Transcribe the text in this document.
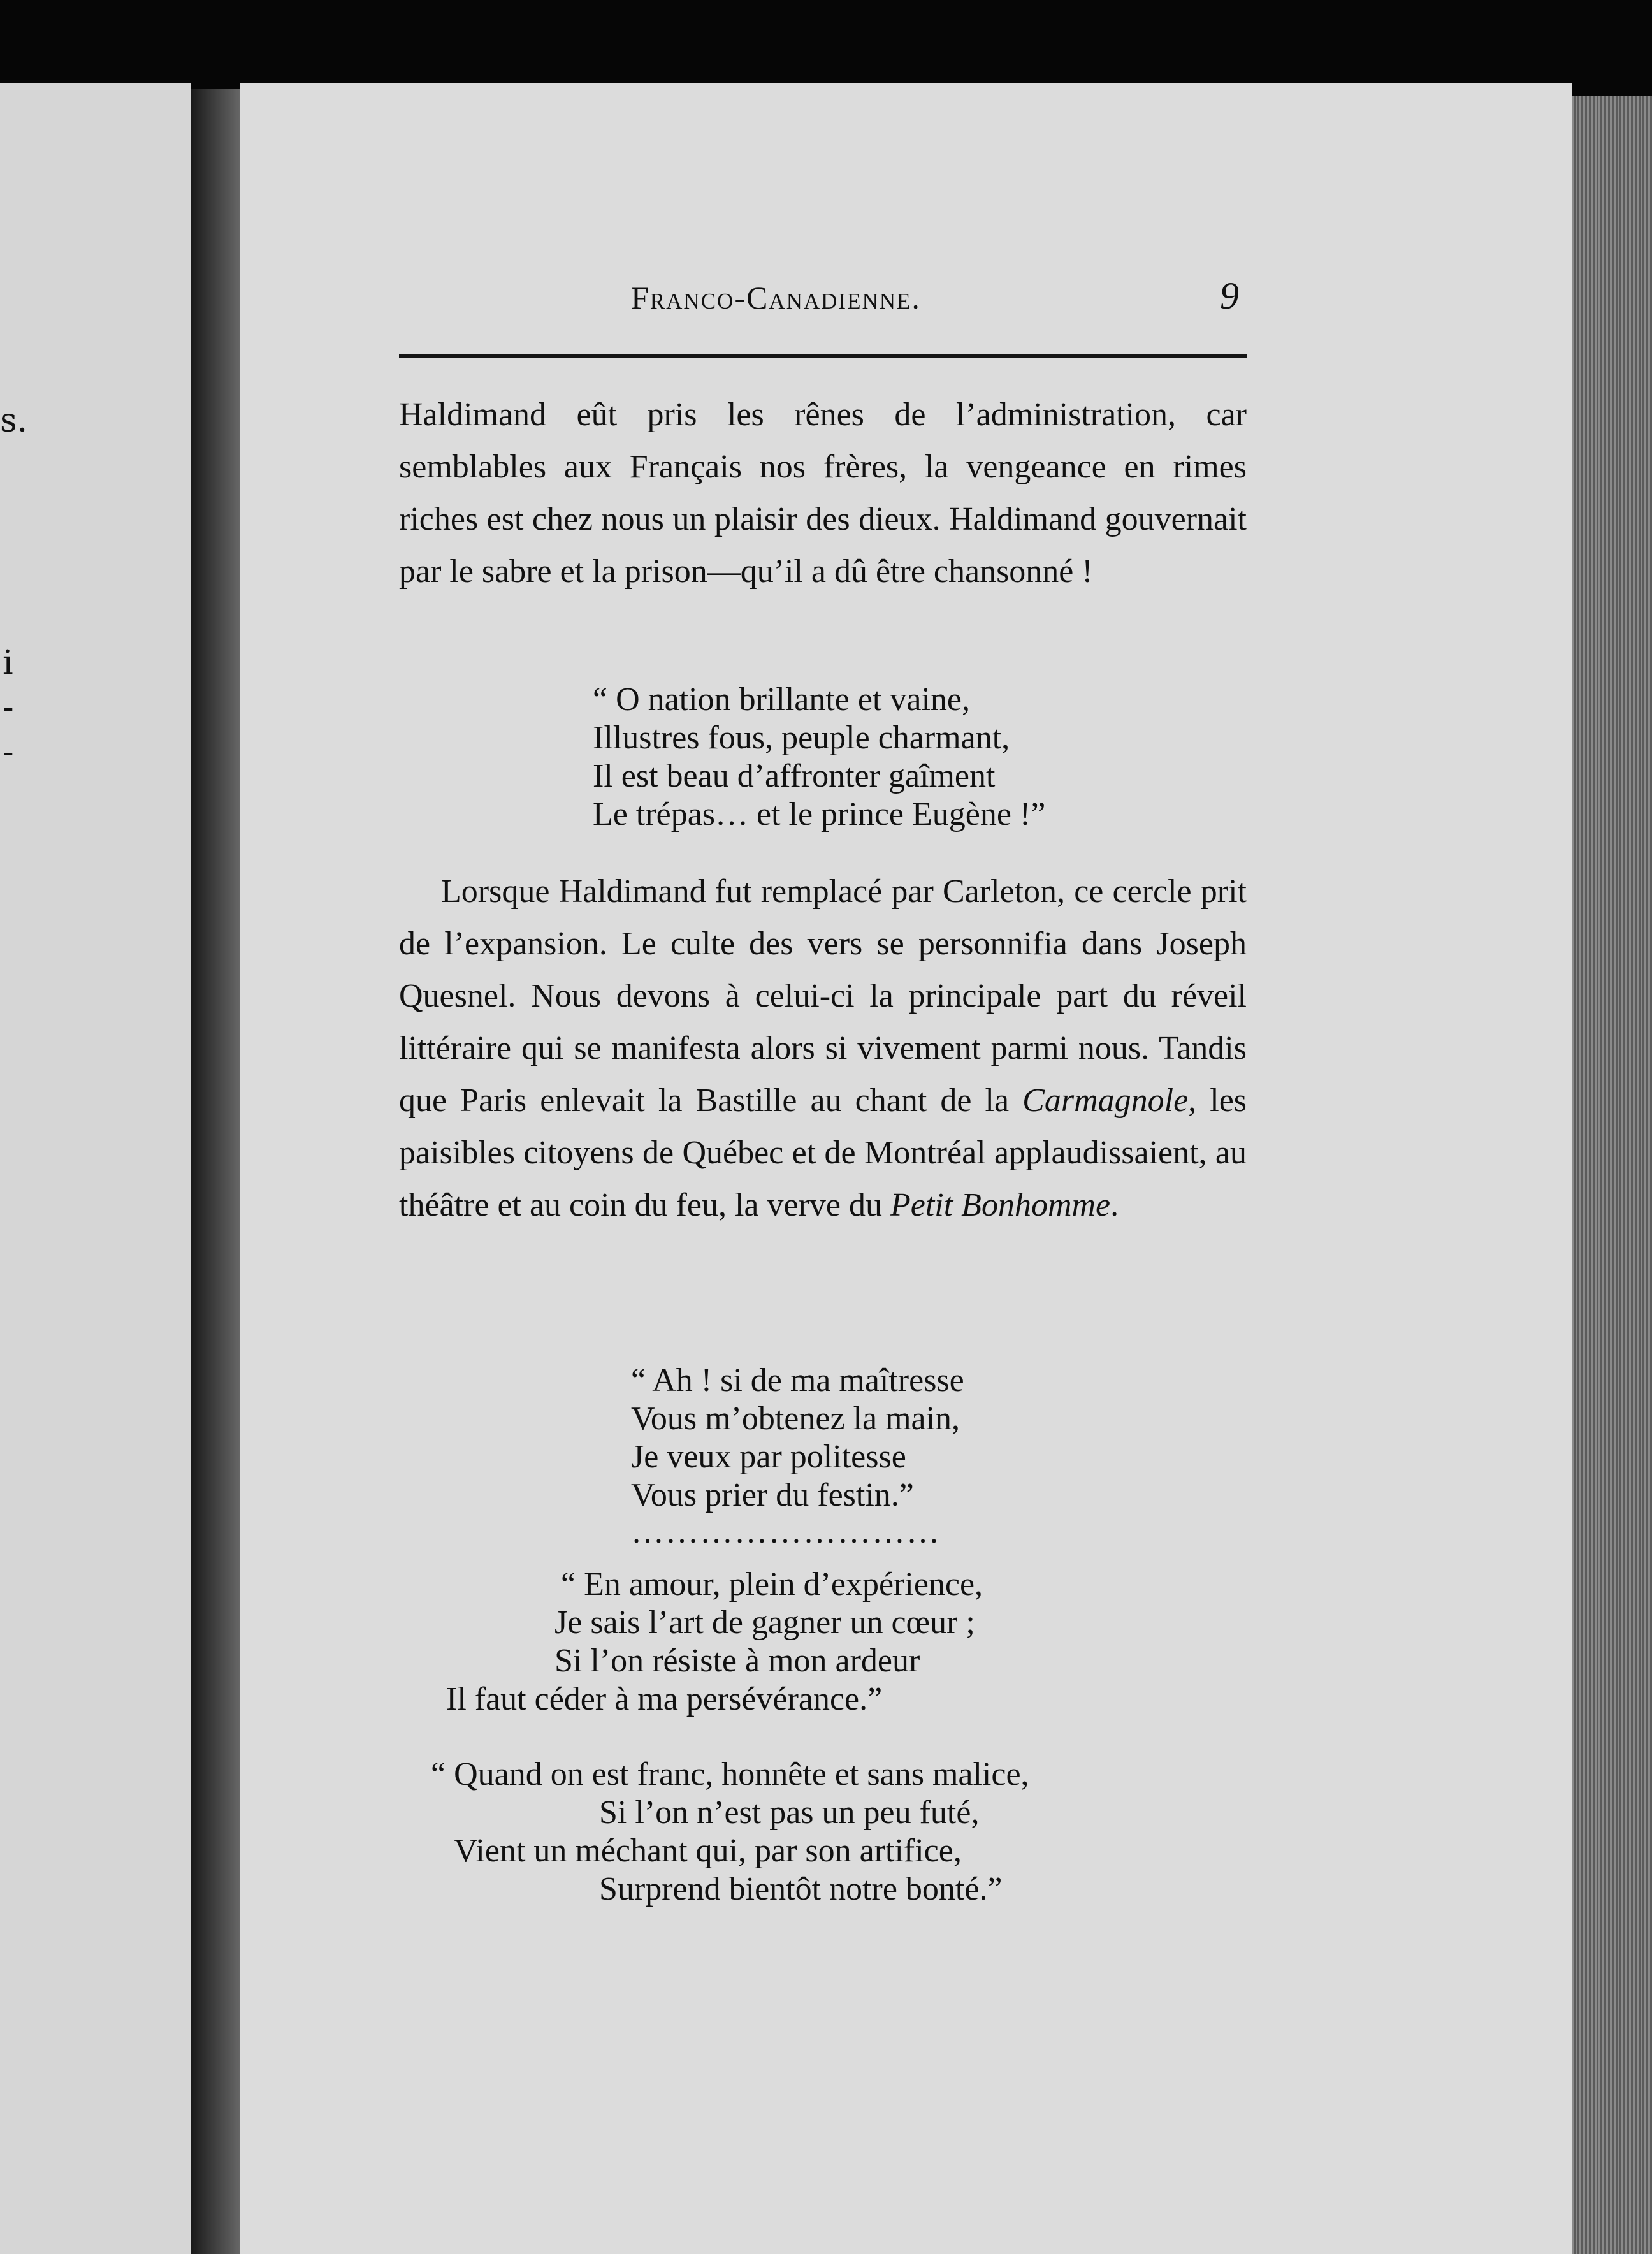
s.
i
-
-
Franco-Canadienne.	9
Haldimand eût pris les rênes de l’administration, car semblables aux Français nos frères, la vengeance en rimes riches est chez nous un plaisir des dieux. Haldimand gouvernait par le sabre et la prison—qu’il a dû être chansonné !
“ O nation brillante et vaine,
Illustres fous, peuple charmant,
Il est beau d’affronter gaîment
Le trépas… et le prince Eugène !”
Lorsque Haldimand fut remplacé par Carleton, ce cercle prit de l’expansion. Le culte des vers se personnifia dans Joseph Quesnel. Nous devons à celui-ci la principale part du réveil littéraire qui se manifesta alors si vivement parmi nous. Tandis que Paris enlevait la Bastille au chant de la Carmagnole, les paisibles citoyens de Québec et de Montréal applaudissaient, au théâtre et au coin du feu, la verve du Petit Bonhomme.
“ Ah ! si de ma maîtresse
Vous m’obtenez la main,
Je veux par politesse
Vous prier du festin.”
………………………
“ En amour, plein d’expérience,
Je sais l’art de gagner un cœur ;
Si l’on résiste à mon ardeur
Il faut céder à ma persévérance.”
“ Quand on est franc, honnête et sans malice,
Si l’on n’est pas un peu futé,
Vient un méchant qui, par son artifice,
Surprend bientôt notre bonté.”
